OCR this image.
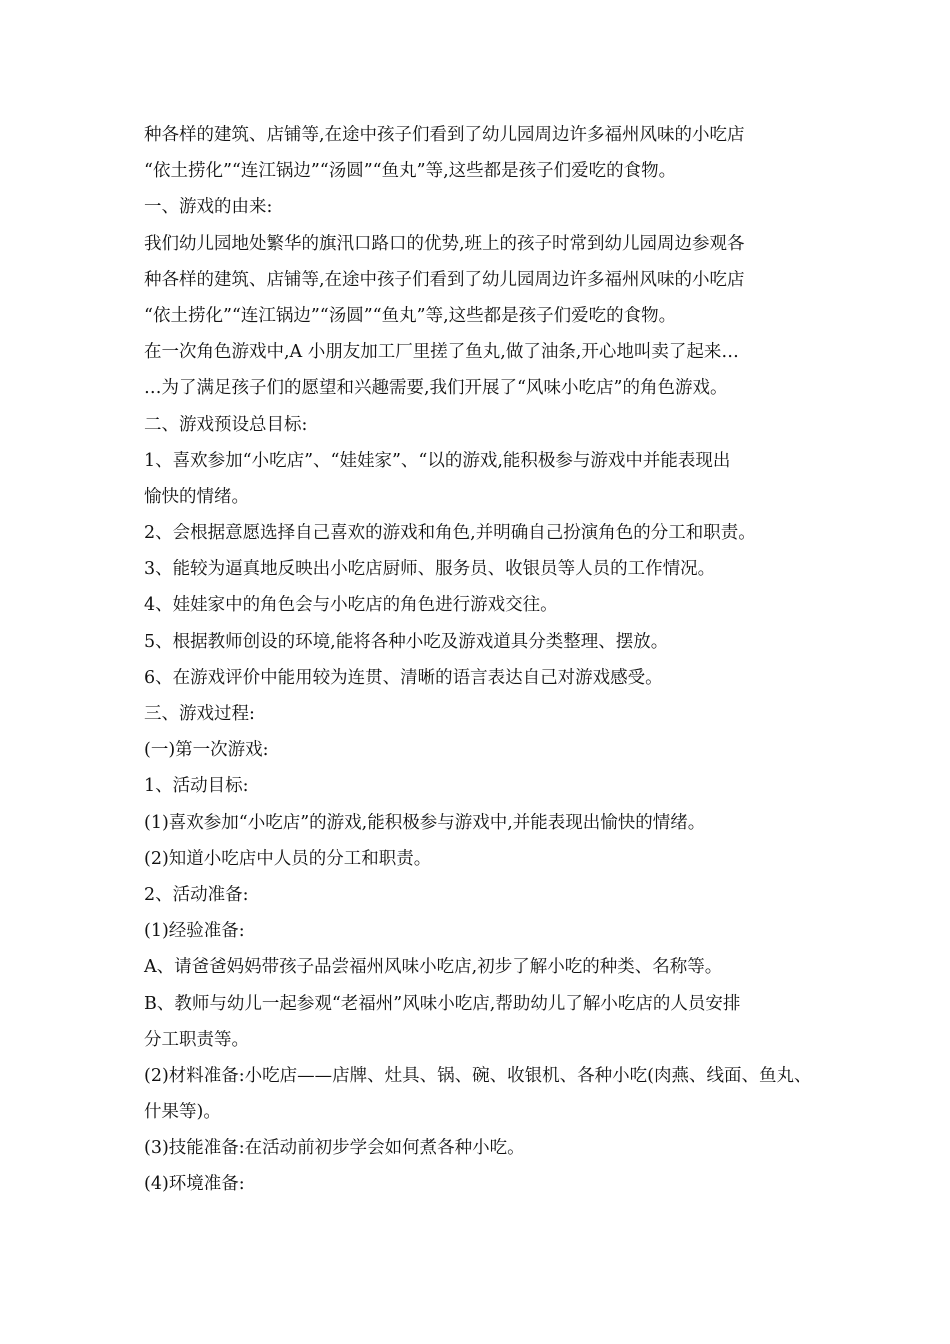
种各样的建筑、店铺等,在途中孩子们看到了幼儿园周边许多福州风味的小吃店
“依土捞化”“连江锅边”“汤圆”“鱼丸”等,这些都是孩子们爱吃的食物。
一、游戏的由来:
我们幼儿园地处繁华的旗汛口路口的优势,班上的孩子时常到幼儿园周边参观各
种各样的建筑、店铺等,在途中孩子们看到了幼儿园周边许多福州风味的小吃店
“依土捞化”“连江锅边”“汤圆”“鱼丸”等,这些都是孩子们爱吃的食物。
在一次角色游戏中,A 小朋友加工厂里搓了鱼丸,做了油条,开心地叫卖了起来…
…为了满足孩子们的愿望和兴趣需要,我们开展了“风味小吃店”的角色游戏。
二、游戏预设总目标:
1、喜欢参加“小吃店”、“娃娃家”、“以的游戏,能积极参与游戏中并能表现出
愉快的情绪。
2、会根据意愿选择自己喜欢的游戏和角色,并明确自己扮演角色的分工和职责。
3、能较为逼真地反映出小吃店厨师、服务员、收银员等人员的工作情况。
4、娃娃家中的角色会与小吃店的角色进行游戏交往。
5、根据教师创设的环境,能将各种小吃及游戏道具分类整理、摆放。
6、在游戏评价中能用较为连贯、清晰的语言表达自己对游戏感受。
三、游戏过程:
(一)第一次游戏:
1、活动目标:
(1)喜欢参加“小吃店”的游戏,能积极参与游戏中,并能表现出愉快的情绪。
(2)知道小吃店中人员的分工和职责。
2、活动准备:
(1)经验准备:
A、请爸爸妈妈带孩子品尝福州风味小吃店,初步了解小吃的种类、名称等。
B、教师与幼儿一起参观“老福州”风味小吃店,帮助幼儿了解小吃店的人员安排
分工职责等。
(2)材料准备:小吃店——店牌、灶具、锅、碗、收银机、各种小吃(肉燕、线面、鱼丸、
什果等)。
(3)技能准备:在活动前初步学会如何煮各种小吃。
(4)环境准备:
